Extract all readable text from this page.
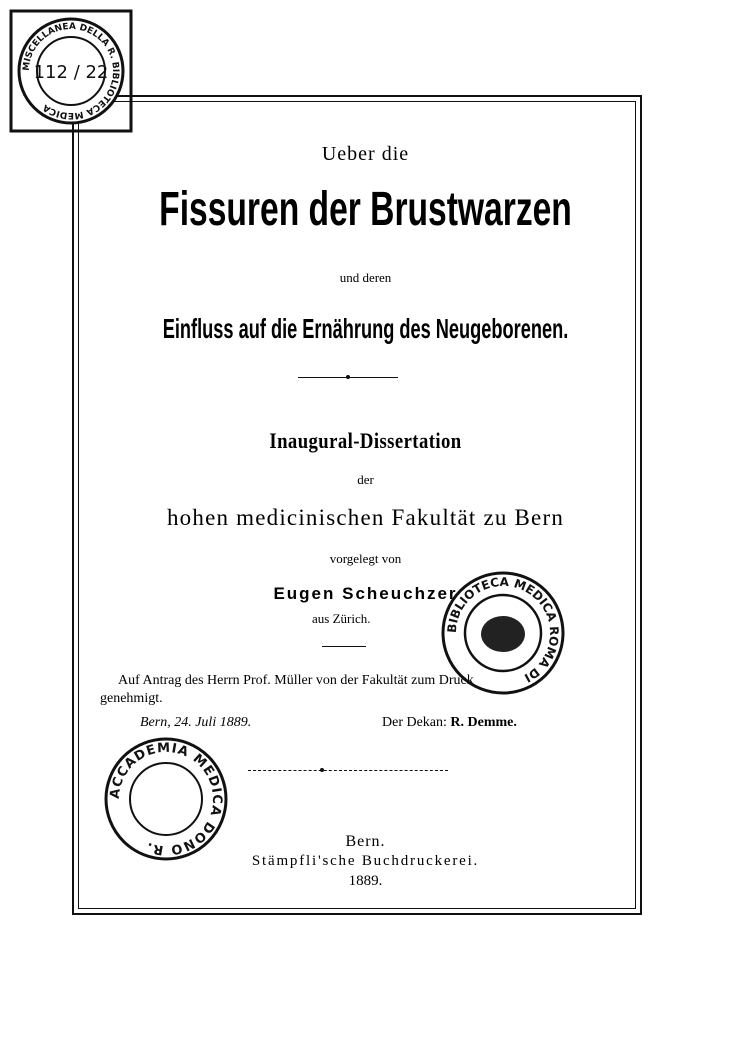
Ueber die
Fissuren der Brustwarzen
und deren
Einfluss auf die Ernährung des Neugeborenen.
Inaugural-Dissertation
der
hohen medicinischen Fakultät zu Bern
vorgelegt von
Eugen Scheuchzer
aus Zürich.
Auf Antrag des Herrn Prof. Müller von der Fakultät zum Druck
genehmigt.
Bern, 24. Juli 1889.	Der Dekan: R. Demme.
Bern.
Stämpfli'sche Buchdruckerei.
1889.
MISCELLANEA DELLA R. BIBLIOTECA MEDICA
112 / 22
BIBLIOTECA MEDICA ROMA DI
ACCADEMIA MEDICA DONO R.
